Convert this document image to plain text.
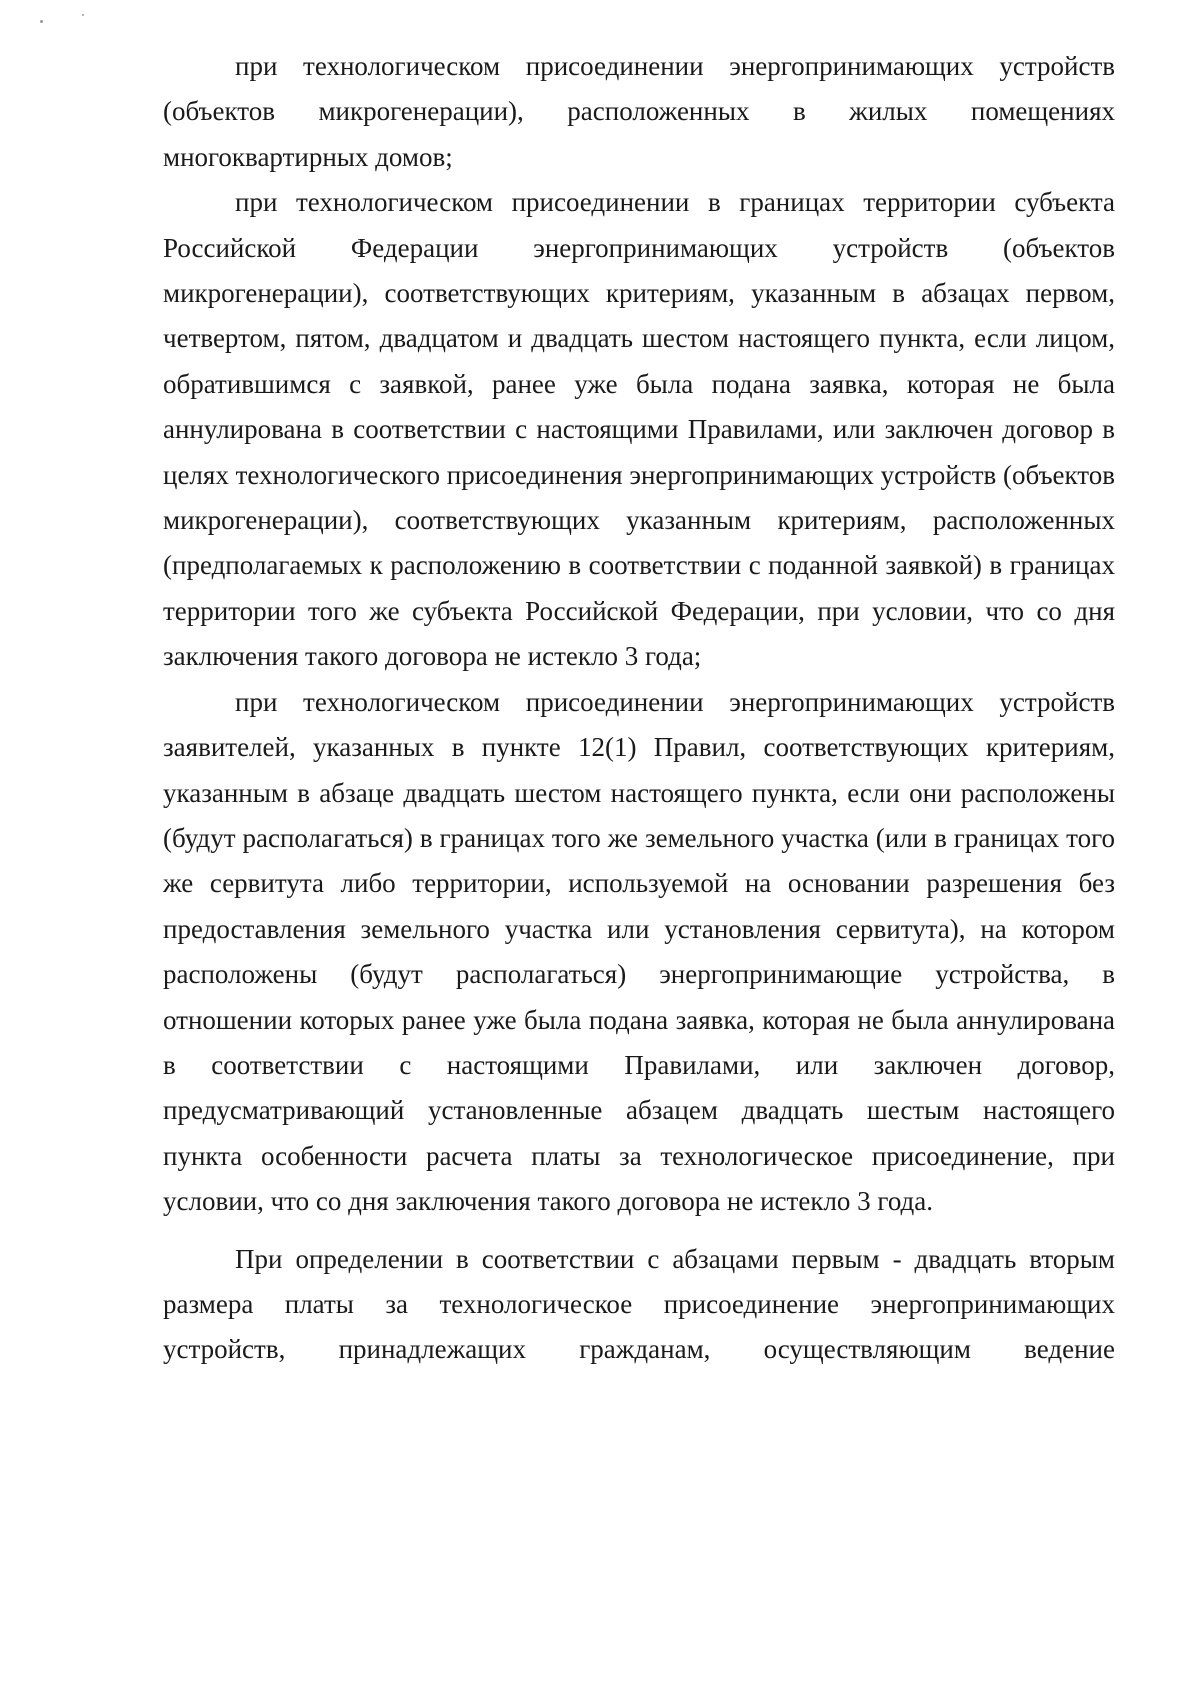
при технологическом присоединении энергопринимающих устройств (объектов микрогенерации), расположенных в жилых помещениях многоквартирных домов;

при технологическом присоединении в границах территории субъекта Российской Федерации энергопринимающих устройств (объектов микрогенерации), соответствующих критериям, указанным в абзацах первом, четвертом, пятом, двадцатом и двадцать шестом настоящего пункта, если лицом, обратившимся с заявкой, ранее уже была подана заявка, которая не была аннулирована в соответствии с настоящими Правилами, или заключен договор в целях технологического присоединения энергопринимающих устройств (объектов микрогенерации), соответствующих указанным критериям, расположенных (предполагаемых к расположению в соответствии с поданной заявкой) в границах территории того же субъекта Российской Федерации, при условии, что со дня заключения такого договора не истекло 3 года;

при технологическом присоединении энергопринимающих устройств заявителей, указанных в пункте 12(1) Правил, соответствующих критериям, указанным в абзаце двадцать шестом настоящего пункта, если они расположены (будут располагаться) в границах того же земельного участка (или в границах того же сервитута либо территории, используемой на основании разрешения без предоставления земельного участка или установления сервитута), на котором расположены (будут располагаться) энергопринимающие устройства, в отношении которых ранее уже была подана заявка, которая не была аннулирована в соответствии с настоящими Правилами, или заключен договор, предусматривающий установленные абзацем двадцать шестым настоящего пункта особенности расчета платы за технологическое присоединение, при условии, что со дня заключения такого договора не истекло 3 года.

При определении в соответствии с абзацами первым - двадцать вторым размера платы за технологическое присоединение энергопринимающих устройств, принадлежащих гражданам, осуществляющим ведение
